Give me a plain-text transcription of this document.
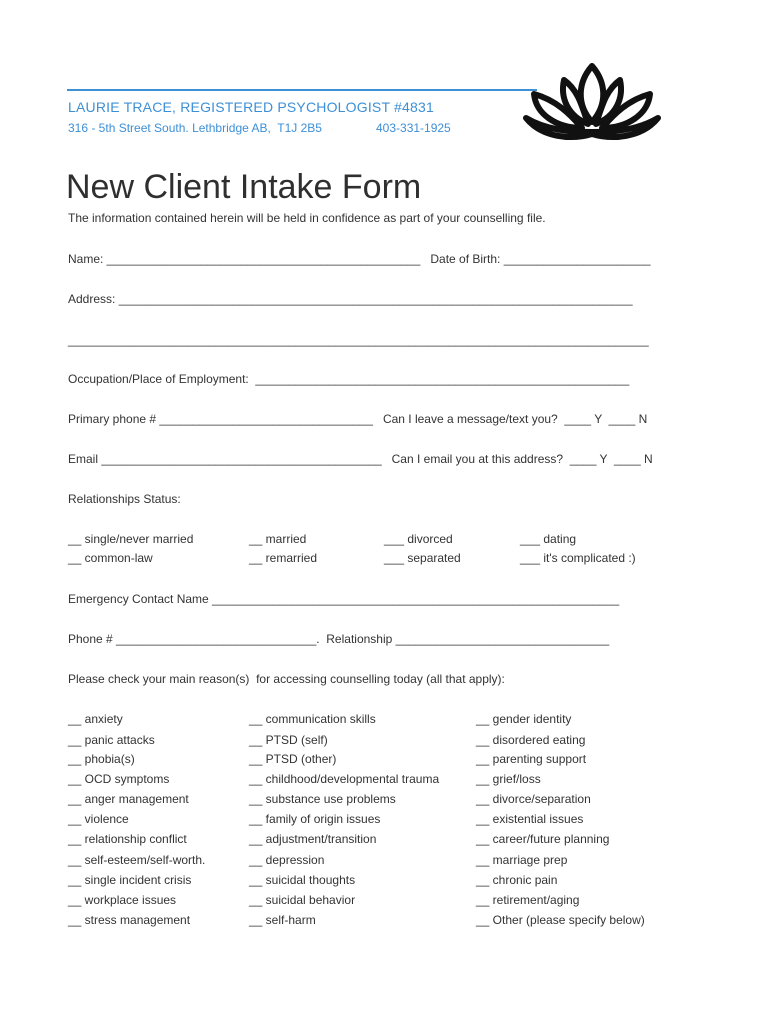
LAURIE TRACE, REGISTERED PSYCHOLOGIST #4831
316 - 5th Street South. Lethbridge AB,  T1J 2B5	403-331-1925
New Client Intake Form
The information contained herein will be held in confidence as part of your counselling file.
Name: _______________________________________________   Date of Birth: ______________________
Address: _____________________________________________________________________________
_______________________________________________________________________________________
Occupation/Place of Employment:  ________________________________________________________
Primary phone # ________________________________   Can I leave a message/text you?  ____ Y  ____ N
Email __________________________________________   Can I email you at this address?  ____ Y  ____ N
Relationships Status:
__ single/never married	__ married	___ divorced	___ dating
__ common-law	__ remarried	___ separated	___ it's complicated :)
Emergency Contact Name _____________________________________________________________
Phone # ______________________________.  Relationship ________________________________
Please check your main reason(s)  for accessing counselling today (all that apply):
__ anxiety	__ communication skills	__ gender identity
__ panic attacks	__ PTSD (self)	__ disordered eating
__ phobia(s)	__ PTSD (other)	__ parenting support
__ OCD symptoms	__ childhood/developmental trauma	__ grief/loss
__ anger management	__ substance use problems	__ divorce/separation
__ violence	__ family of origin issues	__ existential issues
__ relationship conflict	__ adjustment/transition	__ career/future planning
__ self-esteem/self-worth.	__ depression	__ marriage prep
__ single incident crisis	__ suicidal thoughts	__ chronic pain
__ workplace issues	__ suicidal behavior	__ retirement/aging
__ stress management	__ self-harm	__ Other (please specify below)
